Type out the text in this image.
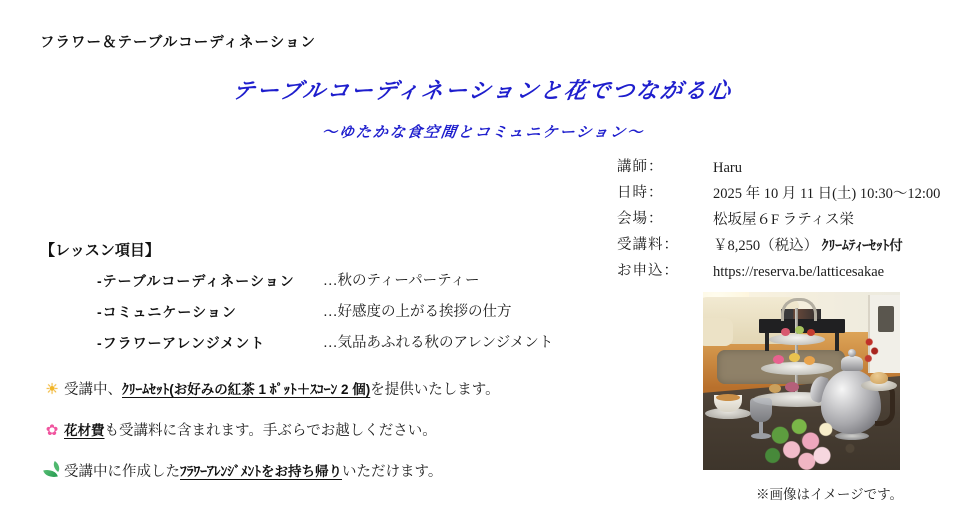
フラワー＆テーブルコーディネーション
テーブルコーディネーションと花でつながる心
～ゆたかな食空間とコミュニケーション～
講師：	Haru
日時：	2025 年 10 月 11 日(土) 10:30～12:00
会場：	松坂屋６F ラティス栄
受講料：	￥8,250（税込） ｸﾘｰﾑﾃｨｰｾｯﾄ付
お申込：	https://reserva.be/latticesakae
【レッスン項目】
-テーブルコーディネーション	…秋のティーパーティー
-コミュニケーション	…好感度の上がる挨拶の仕方
-フラワーアレンジメント	…気品あふれる秋のアレンジメント
☀ 受講中、ｸﾘｰﾑｾｯﾄ(お好みの紅茶 1 ﾎﾟｯﾄ＋ｽｺｰﾝ 2 個)を提供いたします。
✿ 花材費も受講料に含まれます。手ぶらでお越しください。
受講中に作成したﾌﾗﾜｰｱﾚﾝｼﾞﾒﾝﾄをお持ち帰りいただけます。
※画像はイメージです。
